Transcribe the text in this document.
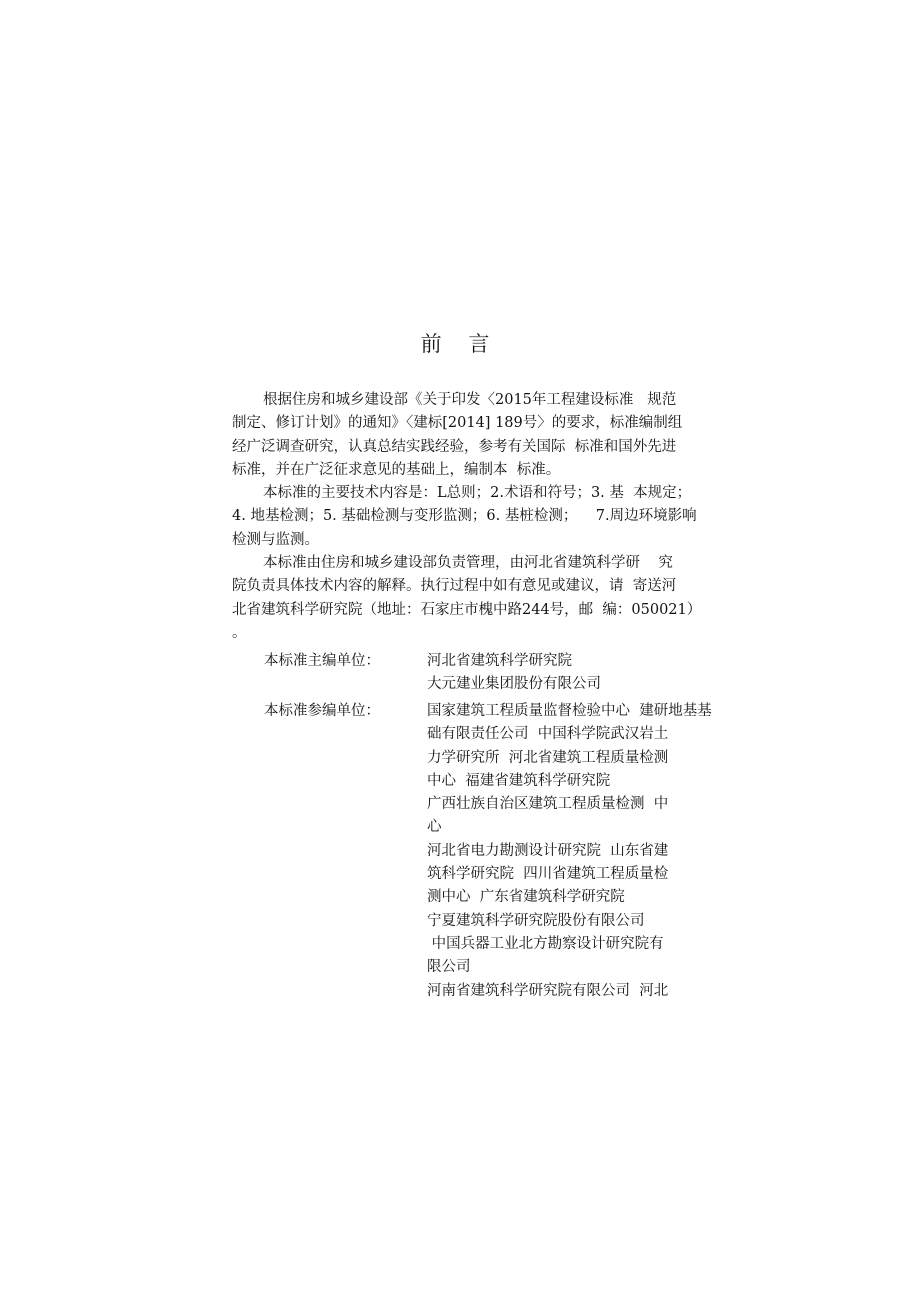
前 言
根据住房和城乡建设部《关于印发〈2015年工程建设标准   规范
制定、修订计划》的通知》〈建标[2014] 189号〉的要求，标准编制组
经广泛调查研究，认真总结实践经验，参考有关国际  标准和国外先进
标准，并在广泛征求意见的基础上，编制本  标准。
本标准的主要技术内容是：L总则；2.术语和符号；3. 基  本规定；
4. 地基检测；5. 基础检测与变形监测；6. 基桩检测；    7.周边环境影响
检测与监测。
本标准由住房和城乡建设部负责管理，由河北省建筑科学研    究
院负责具体技术内容的解释。执行过程中如有意见或建议，请  寄送河
北省建筑科学研究院（地址：石家庄市槐中路244号，邮  编：050021）
。
本标准主编单位：	河北省建筑科学研究院
大元建业集团股份有限公司
本标准参编单位：	国家建筑工程质量监督检验中心  建研地基基
础有限责任公司  中国科学院武汉岩土
力学研究所  河北省建筑工程质量检测
中心  福建省建筑科学研究院
广西壮族自治区建筑工程质量检测  中
心
河北省电力勘测设计研究院  山东省建
筑科学研究院  四川省建筑工程质量检
测中心  广东省建筑科学研究院
宁夏建筑科学研究院股份有限公司
中国兵器工业北方勘察设计研究院有
限公司
河南省建筑科学研究院有限公司  河北
